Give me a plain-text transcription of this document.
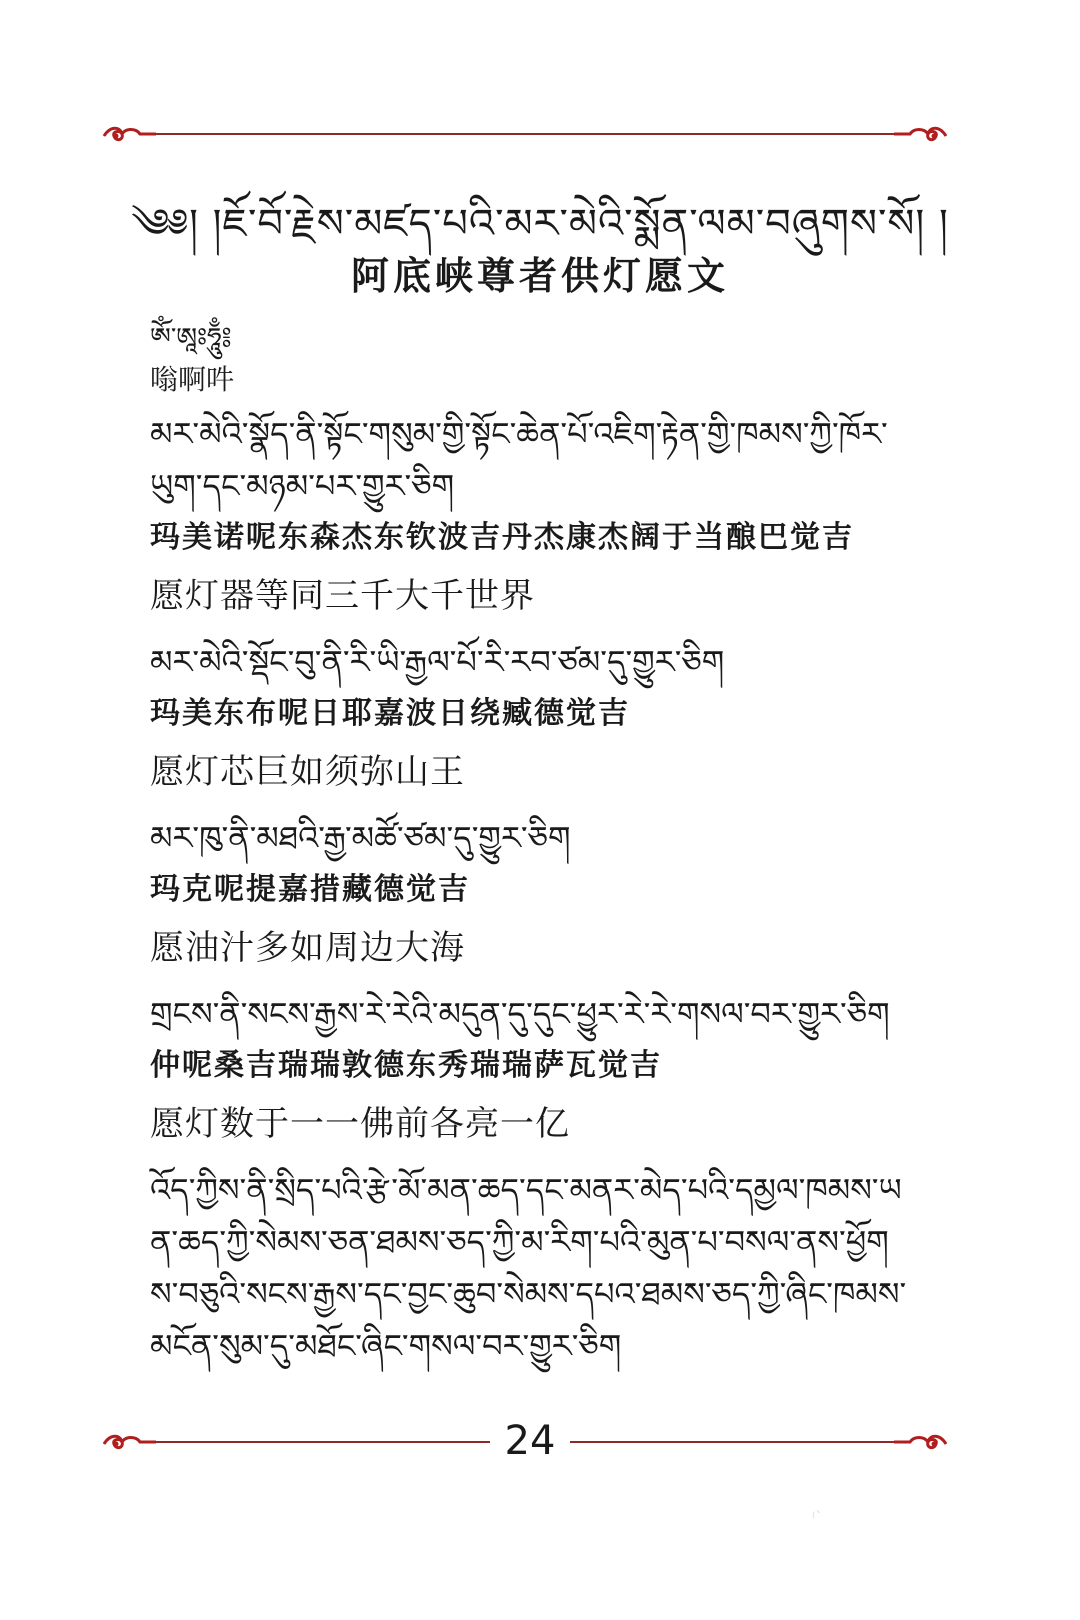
༄༅། །ཇོ་བོ་རྗེས་མཛད་པའི་མར་མེའི་སྨོན་ལམ་བཞུགས་སོ། །
阿底峡尊者供灯愿文
ཨོཾ་ཨཱཿཧཱུྃ༔
嗡啊吽
མར་མེའི་སྣོད་ནི་སྟོང་གསུམ་གྱི་སྟོང་ཆེན་པོ་འཇིག་རྟེན་གྱི་ཁམས་ཀྱི་ཁོར་ཡུག་དང་མཉམ་པར་གྱུར་ཅིག
玛美诺呢东森杰东钦波吉丹杰康杰阔于当酿巴觉吉
愿灯器等同三千大千世界
མར་མེའི་སྡོང་བུ་ནི་རི་ཡི་རྒྱལ་པོ་རི་རབ་ཙམ་དུ་གྱུར་ཅིག
玛美东布呢日耶嘉波日绕臧德觉吉
愿灯芯巨如须弥山王
མར་ཁུ་ནི་མཐའི་རྒྱ་མཚོ་ཙམ་དུ་གྱུར་ཅིག
玛克呢提嘉措藏德觉吉
愿油汁多如周边大海
གྲངས་ནི་སངས་རྒྱས་རེ་རེའི་མདུན་དུ་དུང་ཕྱུར་རེ་རེ་གསལ་བར་གྱུར་ཅིག
仲呢桑吉瑞瑞敦德东秀瑞瑞萨瓦觉吉
愿灯数于一一佛前各亮一亿
འོད་ཀྱིས་ནི་སྲིད་པའི་རྩེ་མོ་མན་ཆད་དང་མནར་མེད་པའི་དམྱལ་ཁམས་ཡན་ཆད་ཀྱི་སེམས་ཅན་ཐམས་ཅད་ཀྱི་མ་རིག་པའི་མུན་པ་བསལ་ནས་ཕྱོགས་བཅུའི་སངས་རྒྱས་དང་བྱང་ཆུབ་སེམས་དཔའ་ཐམས་ཅད་ཀྱི་ཞིང་ཁམས་མངོན་སུམ་དུ་མཐོང་ཞིང་གསལ་བར་གྱུར་ཅིག
24
⁽ˋ
